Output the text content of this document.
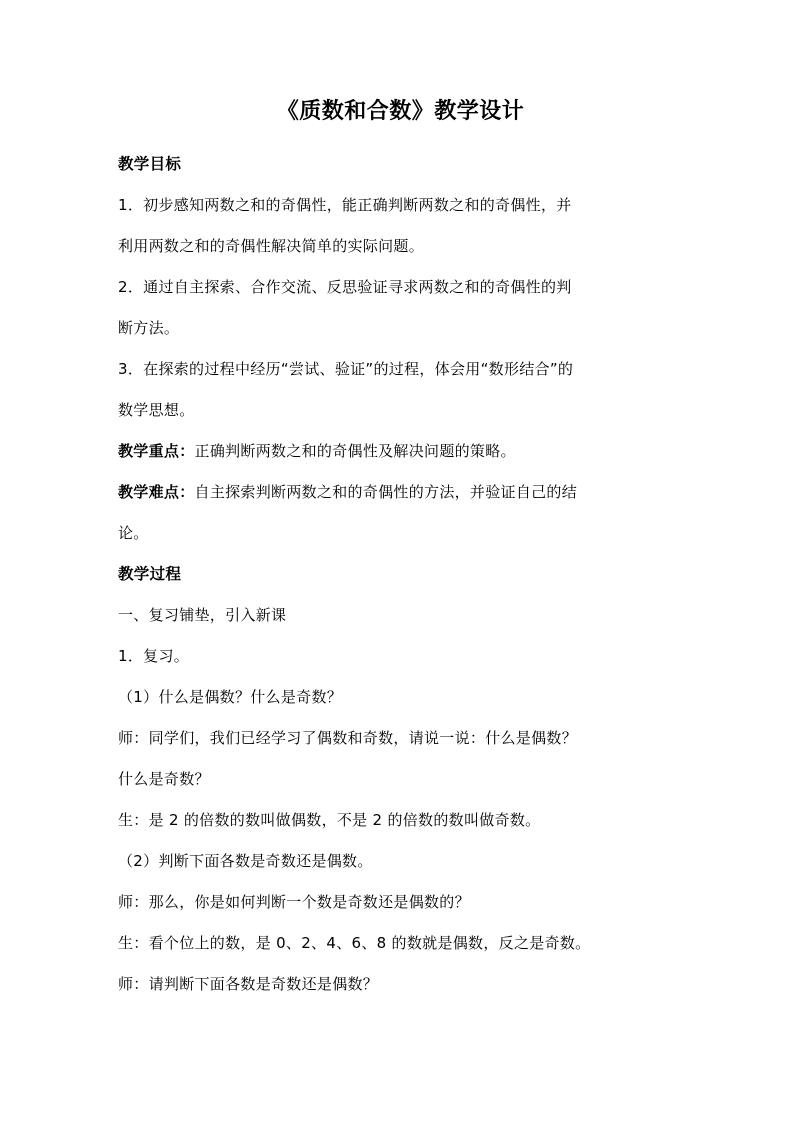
《质数和合数》教学设计

教学目标

1．初步感知两数之和的奇偶性，能正确判断两数之和的奇偶性，并

利用两数之和的奇偶性解决简单的实际问题。

2．通过自主探索、合作交流、反思验证寻求两数之和的奇偶性的判

断方法。

3．在探索的过程中经历“尝试、验证”的过程，体会用“数形结合”的

数学思想。

教学重点：正确判断两数之和的奇偶性及解决问题的策略。

教学难点：自主探索判断两数之和的奇偶性的方法，并验证自己的结

论。

教学过程

一、复习铺垫，引入新课

1．复习。

（1）什么是偶数？什么是奇数？

师：同学们，我们已经学习了偶数和奇数，请说一说：什么是偶数？

什么是奇数？

生：是 2 的倍数的数叫做偶数，不是 2 的倍数的数叫做奇数。

（2）判断下面各数是奇数还是偶数。

师：那么，你是如何判断一个数是奇数还是偶数的？

生：看个位上的数，是 0、2、4、6、8 的数就是偶数，反之是奇数。

师：请判断下面各数是奇数还是偶数？
